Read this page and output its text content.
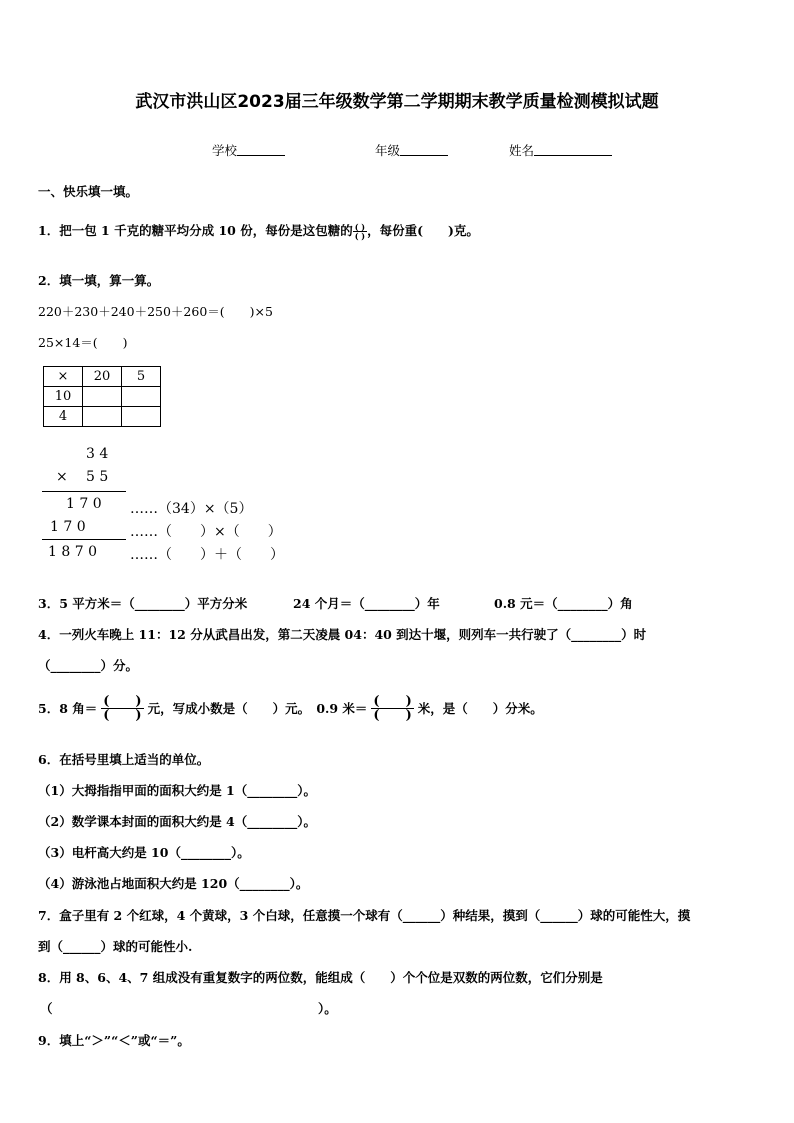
武汉市洪山区2023届三年级数学第二学期期末教学质量检测模拟试题
学校	年级	姓名
一、快乐填一填。
1．把一包 1 千克的糖平均分成 10 份，每份是这包糖的 $\frac{( )}{( )}$ ，每份重(　　)克。
2．填一填，算一算。
220＋230＋240＋250＋260＝(　　)×5
25×14＝(　　)
×	20	5
10		
4		
3 4
× 5 5
1 7 0
1 7 0
1 8 7 0
……（34）×（5）
……（　　）×（　　）
……（　　）＋（　　）
3．5 平方米＝（________）平方分米	24 个月＝（________）年	0.8 元＝（________）角
4．一列火车晚上 11：12 分从武昌出发，第二天凌晨 04：40 到达十堰，则列车一共行驶了（________）时
（________）分。
5．8 角＝ $\frac{( )}{( )}$ 元，写成小数是（　　）元。　0.9 米＝ $\frac{( )}{( )}$ 米，是（　　）分米。
6．在括号里填上适当的单位。
（1）大拇指指甲面的面积大约是 1（________）。
（2）数学课本封面的面积大约是 4（________）。
（3）电杆高大约是 10（________）。
（4）游泳池占地面积大约是 120（________）。
7．盒子里有 2 个红球，4 个黄球，3 个白球，任意摸一个球有（______）种结果，摸到（______）球的可能性大，摸
到（______）球的可能性小.
8．用 8、6、4、7 组成没有重复数字的两位数，能组成（　　）个个位是双数的两位数，它们分别是
（	）。
9．填上“＞”“＜”或“＝”。
